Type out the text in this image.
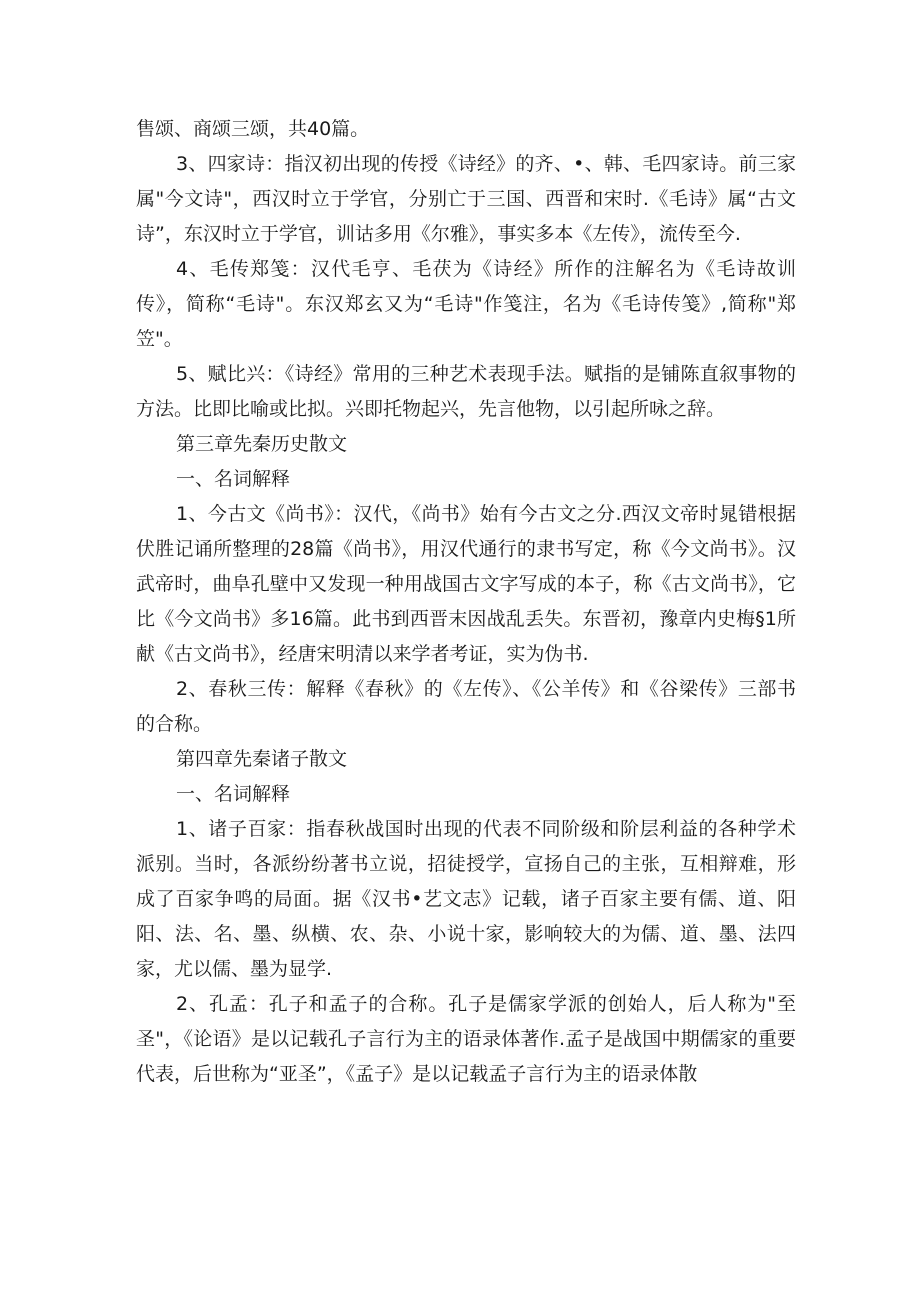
售颂、商颂三颂，共40篇。

3、四家诗：指汉初出现的传授《诗经》的齐、•、韩、毛四家诗。前三家属"今文诗"，西汉时立于学官，分别亡于三国、西晋和宋时.《毛诗》属“古文诗”，东汉时立于学官，训诂多用《尔雅》，事实多本《左传》，流传至今.

4、毛传郑笺：汉代毛亨、毛茯为《诗经》所作的注解名为《毛诗故训传》，简称“毛诗"。东汉郑玄又为“毛诗"作笺注，名为《毛诗传笺》,简称"郑笠"。

5、赋比兴：《诗经》常用的三种艺术表现手法。赋指的是铺陈直叙事物的方法。比即比喻或比拟。兴即托物起兴，先言他物，以引起所咏之辞。

第三章先秦历史散文

一、名词解释

1、今古文《尚书》：汉代，《尚书》始有今古文之分.西汉文帝时晁错根据伏胜记诵所整理的28篇《尚书》，用汉代通行的隶书写定，称《今文尚书》。汉武帝时，曲阜孔壁中又发现一种用战国古文字写成的本子，称《古文尚书》，它比《今文尚书》多16篇。此书到西晋末因战乱丢失。东晋初，豫章内史梅§1所献《古文尚书》，经唐宋明清以来学者考证，实为伪书.

2、春秋三传：解释《春秋》的《左传》、《公羊传》和《谷梁传》三部书的合称。

第四章先秦诸子散文

一、名词解释

1、诸子百家：指春秋战国时出现的代表不同阶级和阶层利益的各种学术派别。当时，各派纷纷著书立说，招徒授学，宣扬自己的主张，互相辩难，形成了百家争鸣的局面。据《汉书•艺文志》记载，诸子百家主要有儒、道、阳阳、法、名、墨、纵横、农、杂、小说十家，影响较大的为儒、道、墨、法四家，尤以儒、墨为显学.

2、孔孟：孔子和孟子的合称。孔子是儒家学派的创始人，后人称为"至圣"，《论语》是以记载孔子言行为主的语录体著作.孟子是战国中期儒家的重要代表，后世称为“亚圣”，《孟子》是以记载孟子言行为主的语录体散
